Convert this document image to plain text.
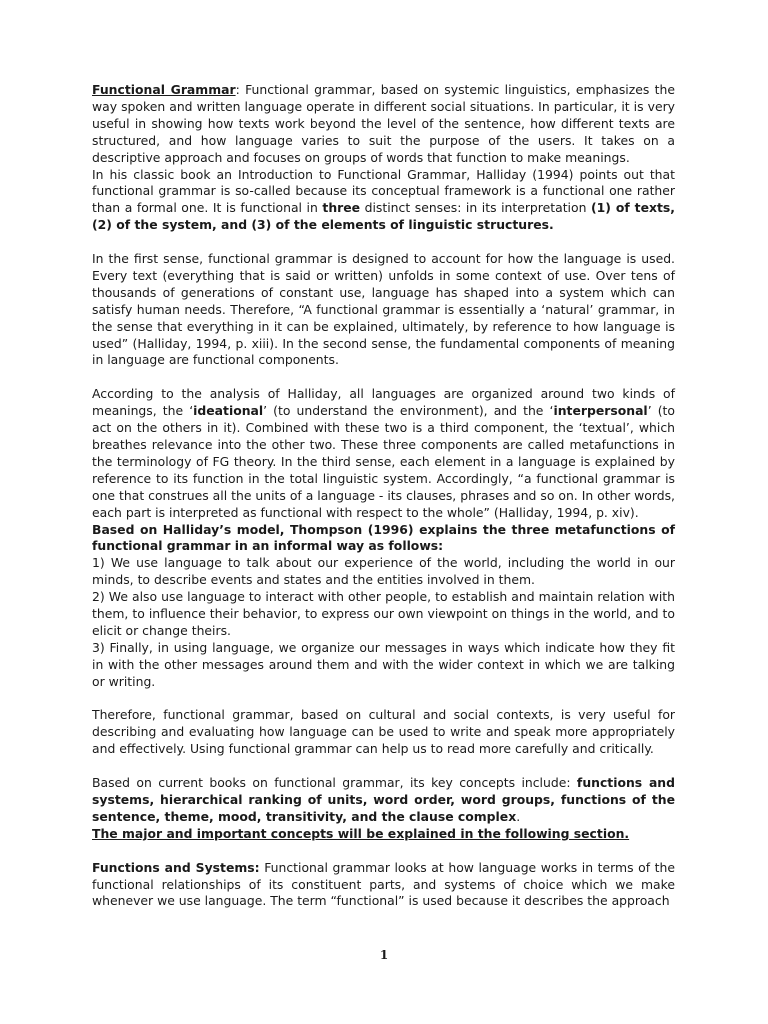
Functional Grammar: Functional grammar, based on systemic linguistics, emphasizes the way spoken and written language operate in different social situations. In particular, it is very useful in showing how texts work beyond the level of the sentence, how different texts are structured, and how language varies to suit the purpose of the users. It takes on a descriptive approach and focuses on groups of words that function to make meanings.

In his classic book an Introduction to Functional Grammar, Halliday (1994) points out that functional grammar is so-called because its conceptual framework is a functional one rather than a formal one. It is functional in three distinct senses: in its interpretation (1) of texts, (2) of the system, and (3) of the elements of linguistic structures.

In the first sense, functional grammar is designed to account for how the language is used. Every text (everything that is said or written) unfolds in some context of use. Over tens of thousands of generations of constant use, language has shaped into a system which can satisfy human needs. Therefore, “A functional grammar is essentially a ‘natural’ grammar, in the sense that everything in it can be explained, ultimately, by reference to how language is used” (Halliday, 1994, p. xiii). In the second sense, the fundamental components of meaning in language are functional components.

According to the analysis of Halliday, all languages are organized around two kinds of meanings, the ‘ideational’ (to understand the environment), and the ‘interpersonal’ (to act on the others in it). Combined with these two is a third component, the ‘textual’, which breathes relevance into the other two. These three components are called metafunctions in the terminology of FG theory. In the third sense, each element in a language is explained by reference to its function in the total linguistic system. Accordingly, “a functional grammar is one that construes all the units of a language - its clauses, phrases and so on. In other words, each part is interpreted as functional with respect to the whole” (Halliday, 1994, p. xiv).

Based on Halliday’s model, Thompson (1996) explains the three metafunctions of functional grammar in an informal way as follows:

1) We use language to talk about our experience of the world, including the world in our minds, to describe events and states and the entities involved in them.

2) We also use language to interact with other people, to establish and maintain relation with them, to influence their behavior, to express our own viewpoint on things in the world, and to elicit or change theirs.

3) Finally, in using language, we organize our messages in ways which indicate how they fit in with the other messages around them and with the wider context in which we are talking or writing.

Therefore, functional grammar, based on cultural and social contexts, is very useful for describing and evaluating how language can be used to write and speak more appropriately and effectively. Using functional grammar can help us to read more carefully and critically.

Based on current books on functional grammar, its key concepts include: functions and systems, hierarchical ranking of units, word order, word groups, functions of the sentence, theme, mood, transitivity, and the clause complex.

The major and important concepts will be explained in the following section.

Functions and Systems: Functional grammar looks at how language works in terms of the functional relationships of its constituent parts, and systems of choice which we make whenever we use language. The term “functional” is used because it describes the approach

1
